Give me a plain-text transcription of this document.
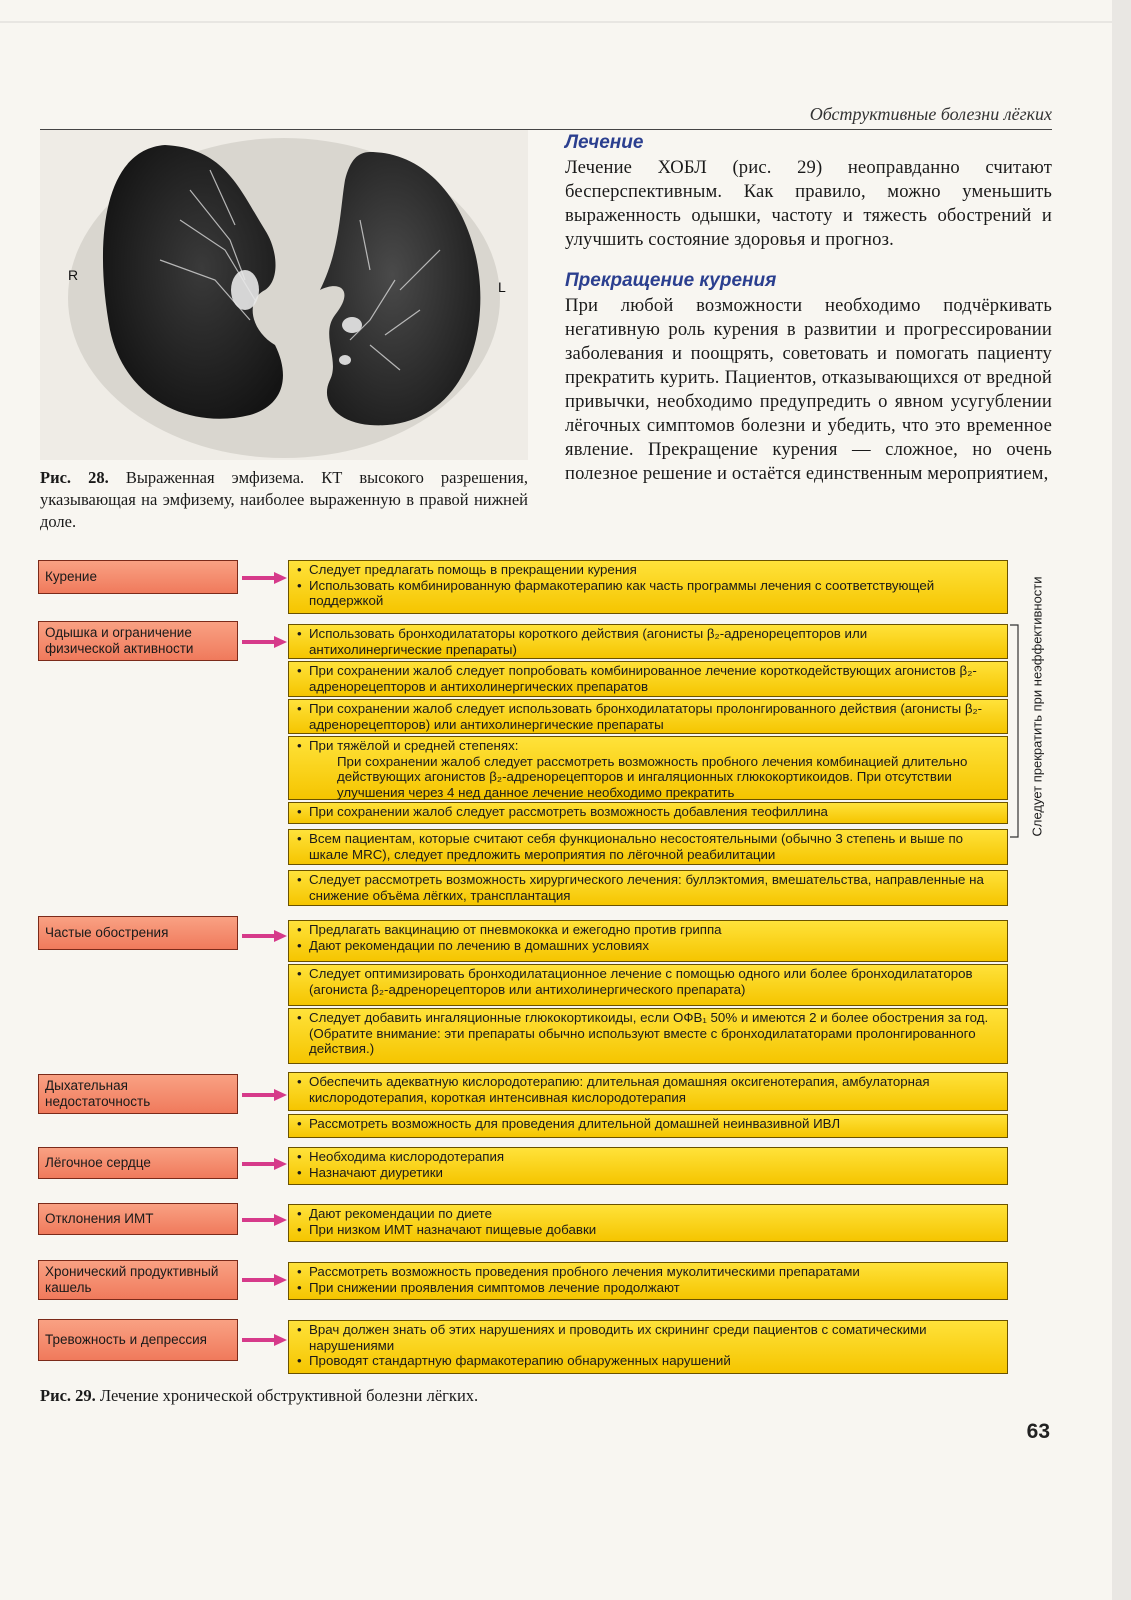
Обструктивные болезни лёгких
R
L
Рис. 28. Выраженная эмфизема. КТ высокого разрешения, указывающая на эмфизему, наиболее выраженную в правой нижней доле.
Лечение

Лечение ХОБЛ (рис. 29) неоправданно считают бесперспективным. Как правило, можно уменьшить выраженность одышки, частоту и тяжесть обострений и улучшить состояние здоровья и прогноз.

Прекращение курения

При любой возможности необходимо подчёркивать негативную роль курения в развитии и прогрессировании заболевания и поощрять, советовать и помогать пациенту прекратить курить. Пациентов, отказывающихся от вредной привычки, необходимо предупредить о явном усугублении лёгочных симптомов болезни и убедить, что это временное явление. Прекращение курения — сложное, но очень полезное решение и остаётся единственным мероприятием,

Курение
Одышка и ограничение физической активности
Частые обострения
Дыхательная недостаточность
Лёгочное сердце
Отклонения ИМТ
Хронический продуктивный кашель
Тревожность и депрессия
• Следует предлагать помощь в прекращении курения
• Использовать комбинированную фармакотерапию как часть программы лечения с соответствующей поддержкой
• Использовать бронходилататоры короткого действия (агонисты β₂-адренорецепторов или антихолинергические препараты)
• При сохранении жалоб следует попробовать комбинированное лечение короткодействующих агонистов β₂-адренорецепторов и антихолинергических препаратов
• При сохранении жалоб следует использовать бронходилататоры пролонгированного действия (агонисты β₂-адренорецепторов) или антихолинергические препараты
• При тяжёлой и средней степенях:
При сохранении жалоб следует рассмотреть возможность пробного лечения комбинацией длительно действующих агонистов β₂-адренорецепторов и ингаляционных глюкокортикоидов. При отсутствии улучшения через 4 нед данное лечение необходимо прекратить
• При сохранении жалоб следует рассмотреть возможность добавления теофиллина
• Всем пациентам, которые считают себя функционально несостоятельными (обычно 3 степень и выше по шкале MRC), следует предложить мероприятия по лёгочной реабилитации
• Следует рассмотреть возможность хирургического лечения: буллэктомия, вмешательства, направленные на снижение объёма лёгких, трансплантация
• Предлагать вакцинацию от пневмококка и ежегодно против гриппа
• Дают рекомендации по лечению в домашних условиях
• Следует оптимизировать бронходилатационное лечение с помощью одного или более бронходилататоров (агониста β₂-адренорецепторов или антихолинергического препарата)
• Следует добавить ингаляционные глюкокортикоиды, если ОФВ₁ 50% и имеются 2 и более обострения за год. (Обратите внимание: эти препараты обычно используют вместе с бронходилататорами пролонгированного действия.)
• Обеспечить адекватную кислородотерапию: длительная домашняя оксигенотерапия, амбулаторная кислородотерапия, короткая интенсивная кислородотерапия
• Рассмотреть возможность для проведения длительной домашней неинвазивной ИВЛ
• Необходима кислородотерапия
• Назначают диуретики
• Дают рекомендации по диете
• При низком ИМТ назначают пищевые добавки
• Рассмотреть возможность проведения пробного лечения муколитическими препаратами
• При снижении проявления симптомов лечение продолжают
• Врач должен знать об этих нарушениях и проводить их скрининг среди пациентов с соматическими нарушениями
• Проводят стандартную фармакотерапию обнаруженных нарушений
Следует прекратить при неэффективности
Рис. 29. Лечение хронической обструктивной болезни лёгких.
63
